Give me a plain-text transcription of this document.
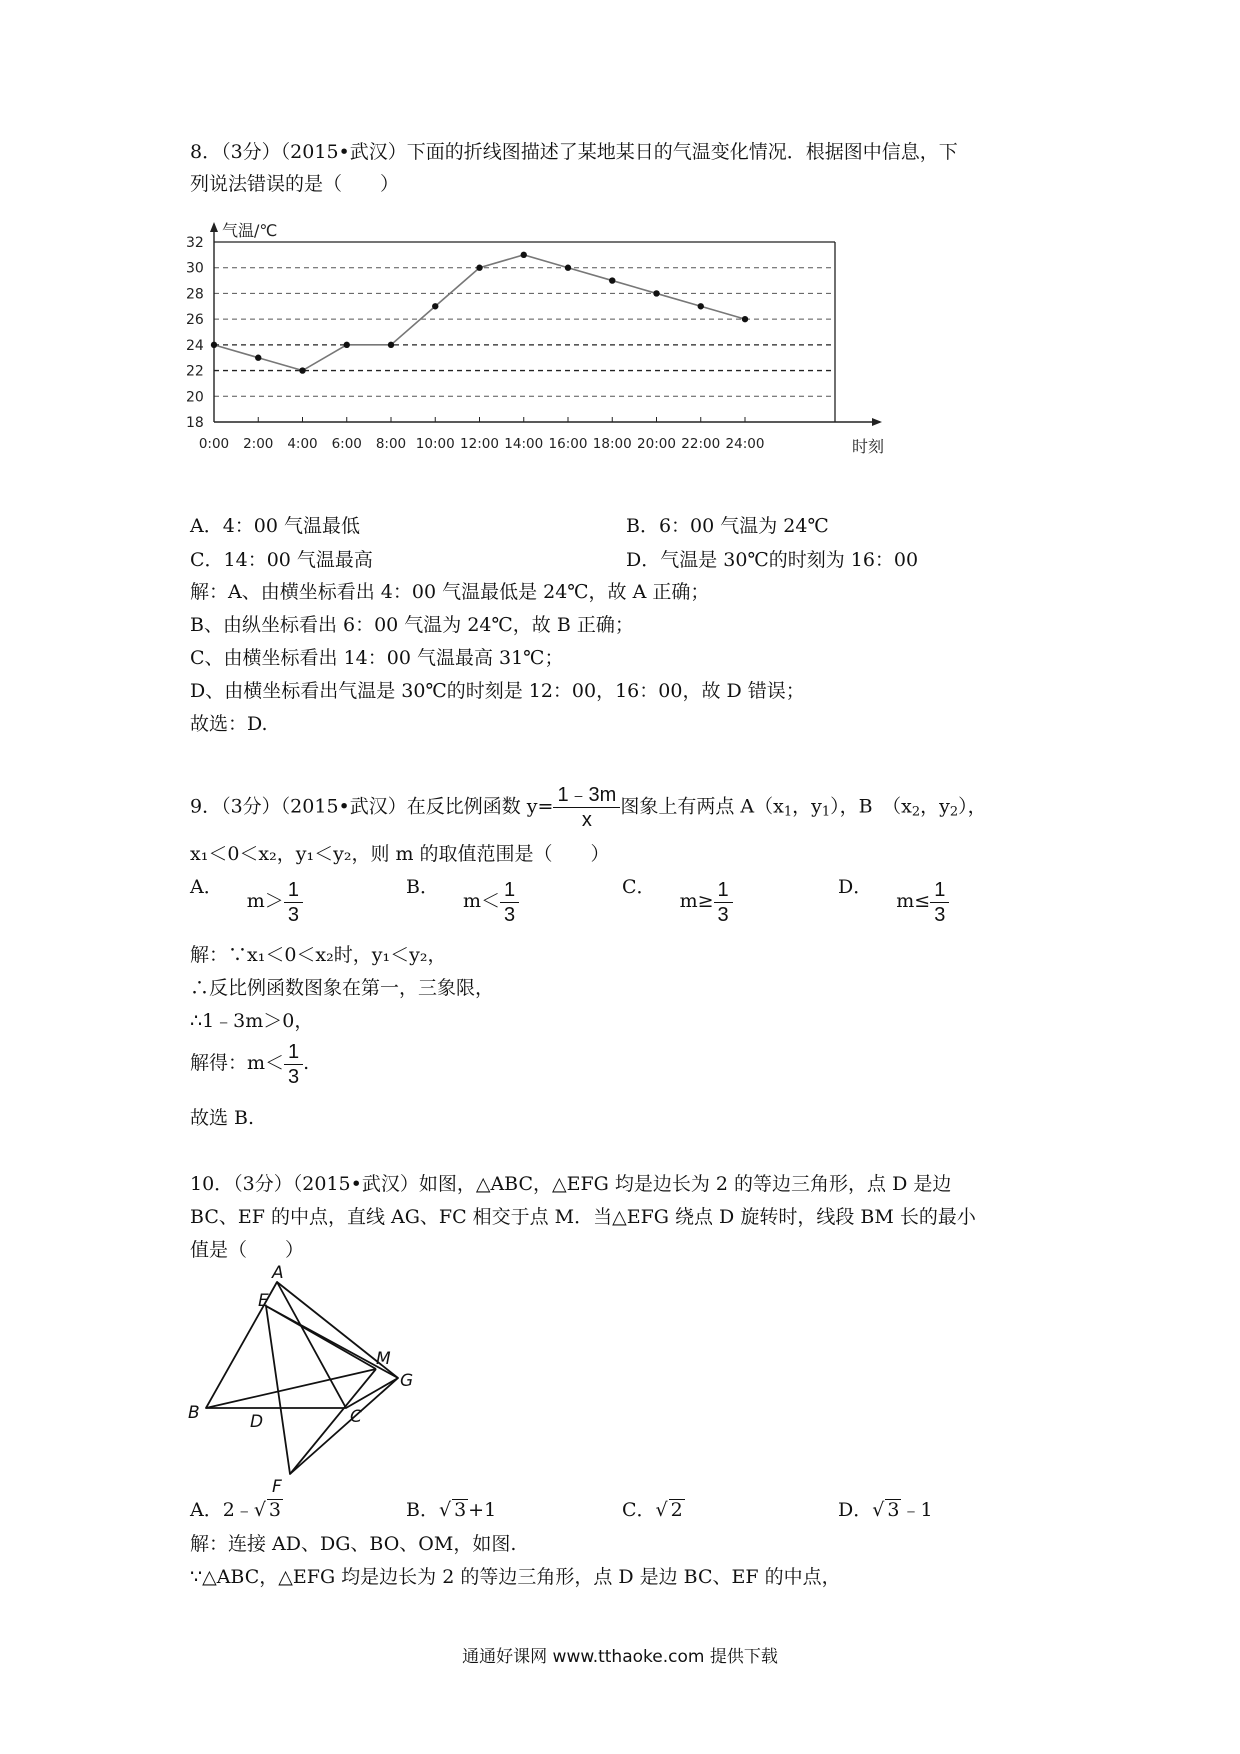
8．（3分）（2015•武汉）下面的折线图描述了某地某日的气温变化情况．根据图中信息，下
列说法错误的是（　　）
18
20
22
24
26
28
30
32
气温/℃
时刻
0:00 2:00 4:00 6:00 8:00 10:00 12:00 14:00 16:00 18:00 20:00 22:00 24:00
A．4：00 气温最低	B．6：00 气温为 24℃
C．14：00 气温最高	D．气温是 30℃的时刻为 16：00
解：A、由横坐标看出 4：00 气温最低是 24℃，故 A 正确；
B、由纵坐标看出 6：00 气温为 24℃，故 B 正确；
C、由横坐标看出 14：00 气温最高 31℃；
D、由横坐标看出气温是 30℃的时刻是 12：00，16：00，故 D 错误；
故选：D.
9．（3分）（2015•武汉）在反比例函数 $y= \frac{1﹣3m}{x}$ 图象上有两点 $A(x_1$，$y_1$），B　（$x_2$，$y_2$），
x₁＜0＜x₂，y₁＜y₂，则 m 的取值范围是（　　）
A． $m> \frac{1}{3}$	B． $m< \frac{1}{3}$	C． $m\ge \frac{1}{3}$	D． $m\le \frac{1}{3}$
解：∵x₁＜0＜x₂时，y₁＜y₂，
∴反比例函数图象在第一，三象限，
∴1﹣3m＞0，
解得：$m< \frac{1}{3}$ .
故选 B.
10．（3分）（2015•武汉）如图，△ABC，△EFG 均是边长为 2 的等边三角形，点 D 是边
BC、EF 的中点，直线 AG、FC 相交于点 M．当△EFG 绕点 D 旋转时，线段 BM 长的最小
值是（　　）
A
B	C
D
E
F
G
M
A．2﹣√ 3	B．√ 3 +1	C．√ 2	D．√ 3 ﹣1
解：连接 AD、DG、BO、OM，如图.
∵△ABC，△EFG 均是边长为 2 的等边三角形，点 D 是边 BC、EF 的中点，
通通好课网 www.tthaoke.com 提供下载
